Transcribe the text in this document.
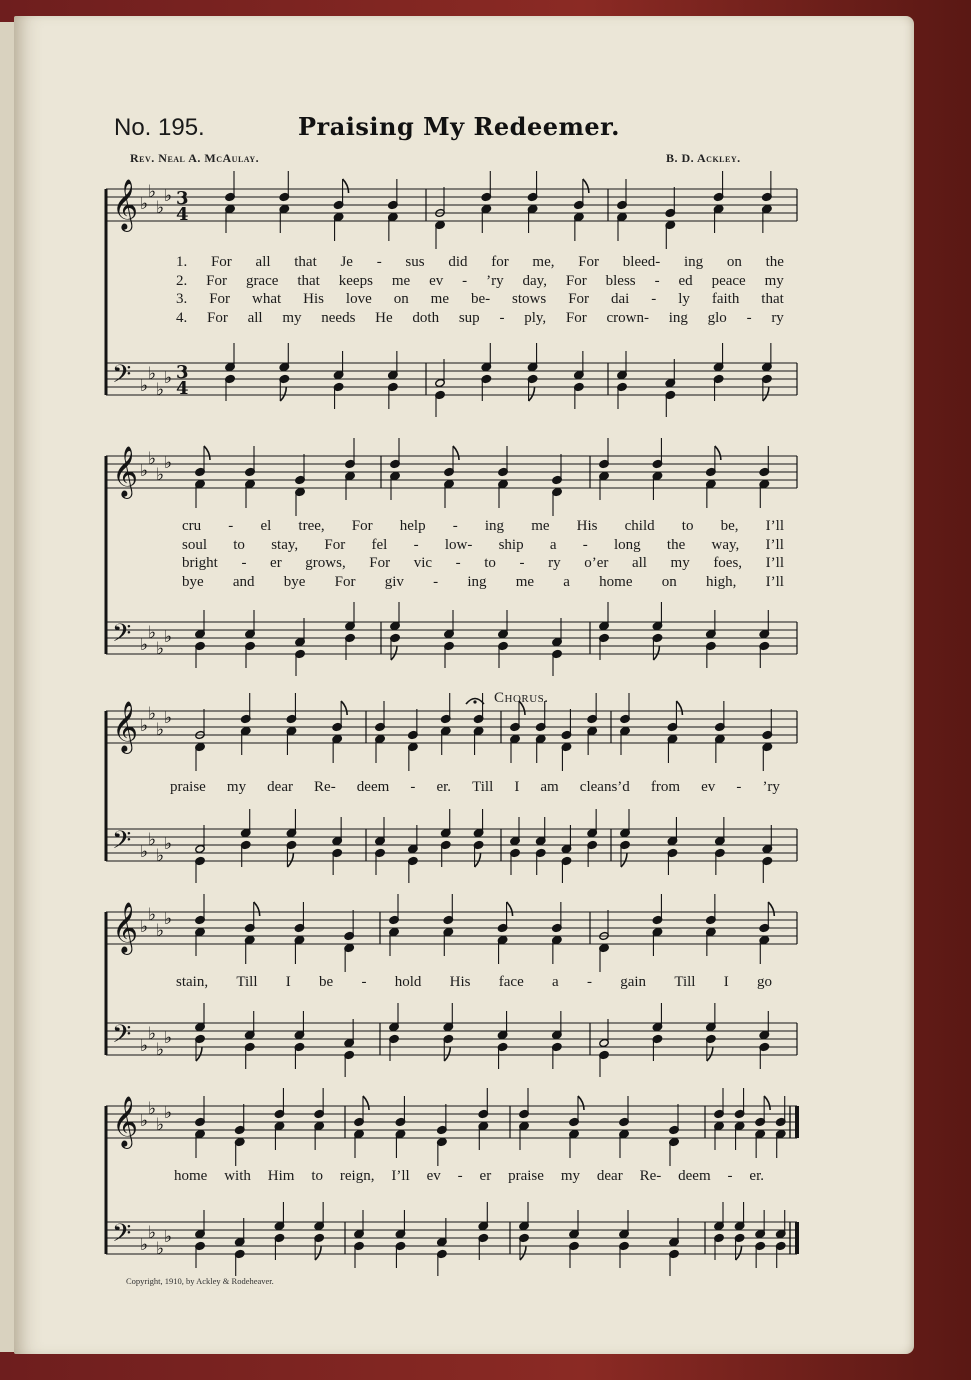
No. 195.	Praising My Redeemer.
Rev. Neal A. McAulay.	B. D. Ackley.
𝄞
𝄢
♭
♭
♭
♭
♭
♭
♭
♭
3
4
3
4
𝄞
𝄢
♭
♭
♭
♭
♭
♭
♭
♭
𝄞
𝄢
♭
♭
♭
♭
♭
♭
♭
♭
𝄞
𝄢
♭
♭
♭
♭
♭
♭
♭
♭
𝄞
𝄢
♭
♭
♭
♭
♭
♭
♭
♭
1. For all that Je - sus did for me, For bleed- ing on the
2. For grace that keeps me ev - ’ry day, For bless - ed peace my
3. For what His love on me be- stows For dai - ly faith that
4. For all my needs He doth sup - ply, For crown- ing glo - ry
cru - el tree, For help - ing me His child to be, I’ll
soul to stay, For fel - low- ship a - long the way, I’ll
bright - er grows, For vic - to - ry o’er all my foes, I’ll
bye and bye For giv - ing me a home on high, I’ll
praise my dear Re- deem - er. Till I am cleans’d from ev - ’ry
stain, Till I be - hold His face a - gain Till I go
home with Him to reign, I’ll ev - er praise my dear Re- deem - er.
Chorus.
Copyright, 1910, by Ackley & Rodeheaver.
